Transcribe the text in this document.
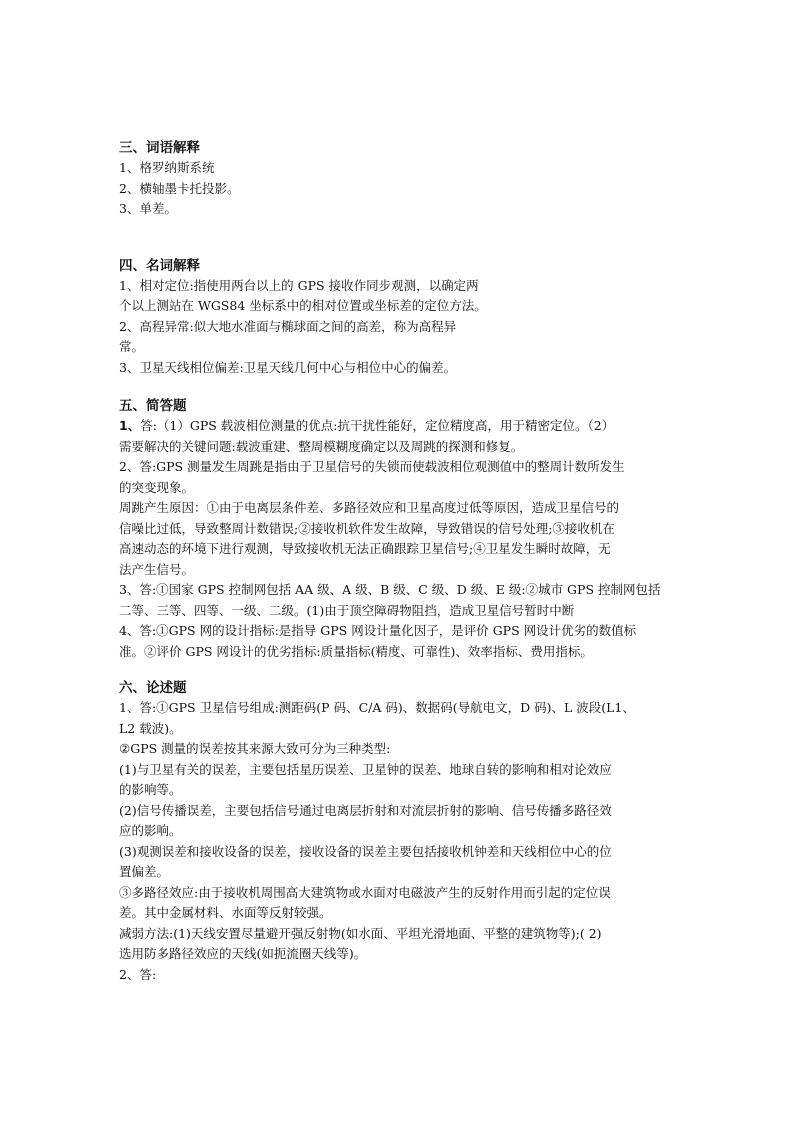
三、词语解释
1、格罗纳斯系统
2、横轴墨卡托投影。
3、单差。
四、名词解释
1、相对定位:指使用两台以上的 GPS 接收作同步观测，以确定两
个以上测站在 WGS84 坐标系中的相对位置或坐标差的定位方法。
2、高程异常:似大地水准面与椭球面之间的高差，称为高程异
常。
3、卫星天线相位偏差:卫星天线几何中心与相位中心的偏差。
五、简答题
1、答:（1）GPS 载波相位测量的优点:抗干扰性能好，定位精度高，用于精密定位。（2）
需要解决的关键问题:载波重建、整周模糊度确定以及周跳的探测和修复。
2、答:GPS 测量发生周跳是指由于卫星信号的失锁而使载波相位观测值中的整周计数所发生
的突变现象。
周跳产生原因：①由于电离层条件差、多路径效应和卫星高度过低等原因，造成卫星信号的
信噪比过低，导致整周计数错误;②接收机软件发生故障，导致错误的信号处理;③接收机在
高速动态的环境下进行观测，导致接收机无法正确跟踪卫星信号;④卫星发生瞬时故障，无
法产生信号。
3、答:①国家 GPS 控制网包括 AA 级、A 级、B 级、C 级、D 级、E 级:②城市 GPS 控制网包括
二等、三等、四等、一级、二级。(1)由于顶空障碍物阻挡，造成卫星信号暂时中断
4、答:①GPS 网的设计指标:是指导 GPS 网设计量化因子，是评价 GPS 网设计优劣的数值标
准。②评价 GPS 网设计的优劣指标:质量指标(精度、可靠性)、效率指标、费用指标。
六、论述题
1、答:①GPS 卫星信号组成:测距码(P 码、C/A 码)、数据码(导航电文，D 码)、L 波段(L1、
L2 载波)。
②GPS 测量的误差按其来源大致可分为三种类型:
(1)与卫星有关的误差，主要包括星历误差、卫星钟的误差、地球自转的影响和相对论效应
的影响等。
(2)信号传播误差，主要包括信号通过电离层折射和对流层折射的影响、信号传播多路径效
应的影响。
(3)观测误差和接收设备的误差，接收设备的误差主要包括接收机钟差和天线相位中心的位
置偏差。
③多路径效应:由于接收机周围高大建筑物或水面对电磁波产生的反射作用而引起的定位误
差。其中金属材料、水面等反射较强。
减弱方法:(1)天线安置尽量避开强反射物(如水面、平坦光滑地面、平整的建筑物等);( 2)
选用防多路径效应的天线(如扼流圈天线等)。
2、答:
